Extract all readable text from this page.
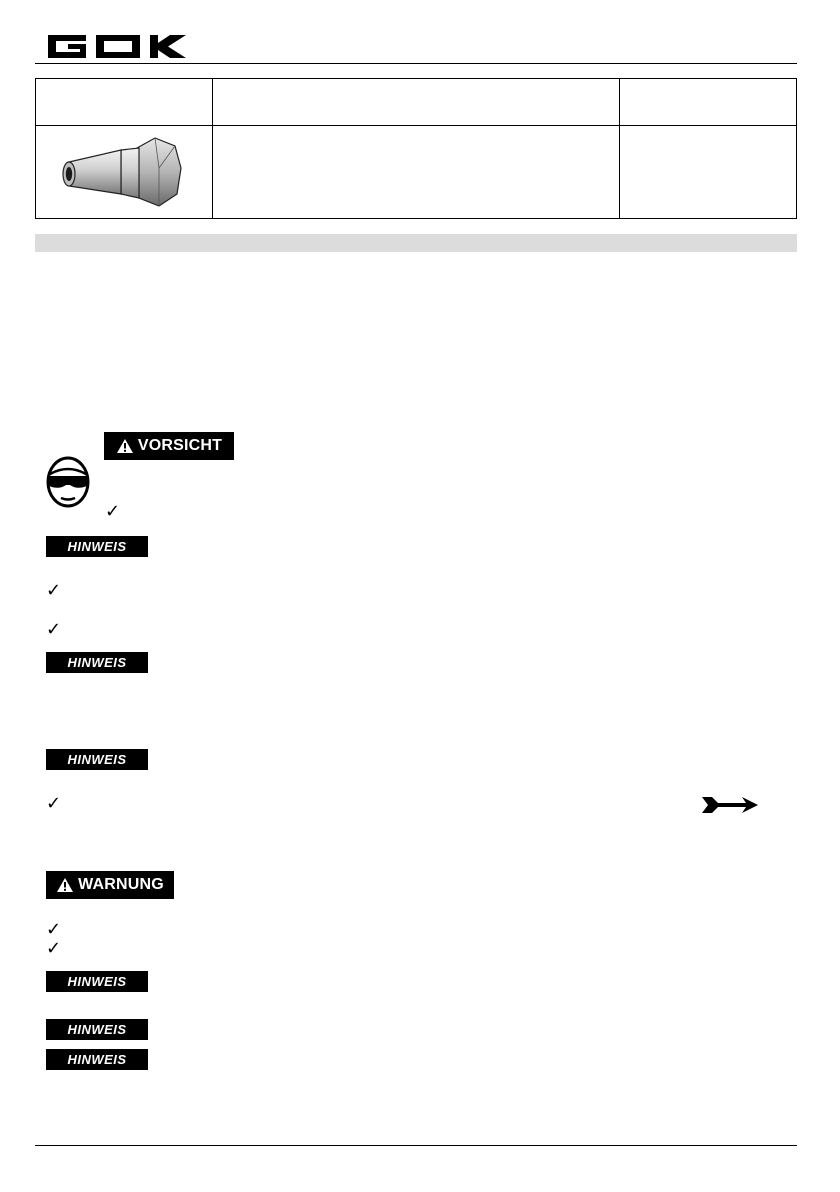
VORSICHT
✓
HINWEIS
✓
✓
HINWEIS
HINWEIS
✓
WARNUNG
✓
✓
HINWEIS
HINWEIS
HINWEIS
